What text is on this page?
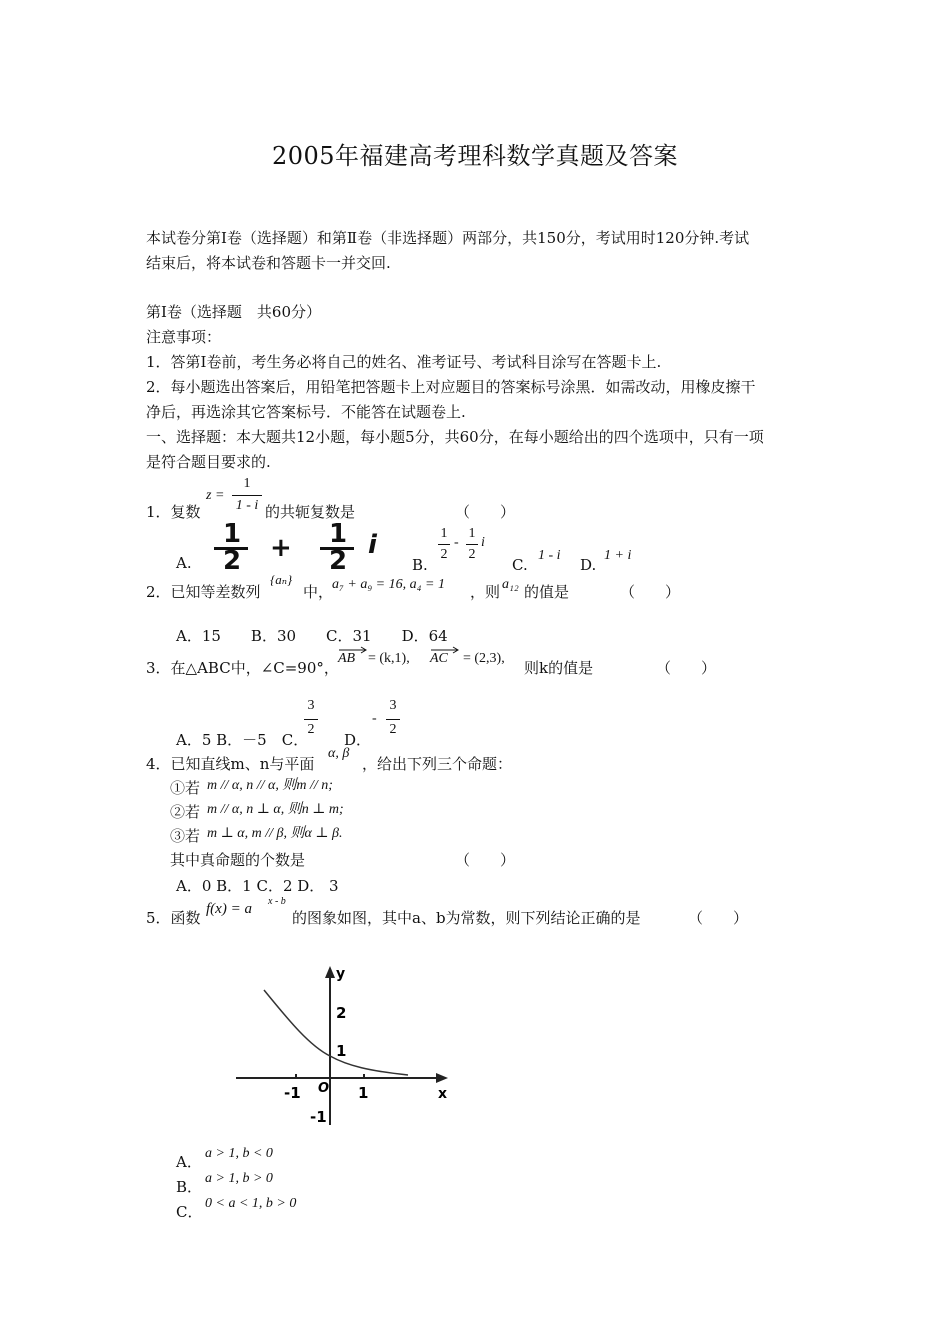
2005年福建高考理科数学真题及答案
本试卷分第Ⅰ卷（选择题）和第Ⅱ卷（非选择题）两部分，共150分，考试用时120分钟.考试
结束后，将本试卷和答题卡一并交回.
第Ⅰ卷（选择题　共60分）
注意事项：
1．答第Ⅰ卷前，考生务必将自己的姓名、准考证号、考试科目涂写在答题卡上.
2．每小题选出答案后，用铅笔把答题卡上对应题目的答案标号涂黑．如需改动，用橡皮擦干
净后，再选涂其它答案标号．不能答在试题卷上.
一、选择题：本大题共12小题，每小题5分，共60分，在每小题给出的四个选项中，只有一项
是符合题目要求的.
1．复数
z =
1
1 - i 的共轭复数是	（　　）
A.
1
2 + 1
2
i
B.
1
2
-
1
2
i
C.
1 - i
D.
1 + i
2．已知等差数列
{aₙ}
中，
a₇ + a₉ = 16, a₄ = 1 ，则 a₁₂ 的值是	（　　）
A．15　　B．30　　C．31　　D．64
3．在△ABC中，∠C=90°，
AB = (k,1), AC = (2,3),
则k的值是	（　　）
A．5 B．－5　C．
3
2
D．
-
3
2
4．已知直线m、n与平面
α, β
，给出下列三个命题：
①若 m // α, n // α, 则m // n;
②若 m // α, n ⊥ α, 则n ⊥ m;
③若 m ⊥ α, m // β, 则α ⊥ β.
其中真命题的个数是	（　　）
A．0 B．1 C．2 D． 3
5．函数 f(x) = a x - b
的图象如图，其中a、b为常数，则下列结论正确的是	（　　）
y
x
2
1
O 1
-1
-1
A． a > 1, b < 0
B． a > 1, b > 0
C． 0 < a < 1, b > 0
